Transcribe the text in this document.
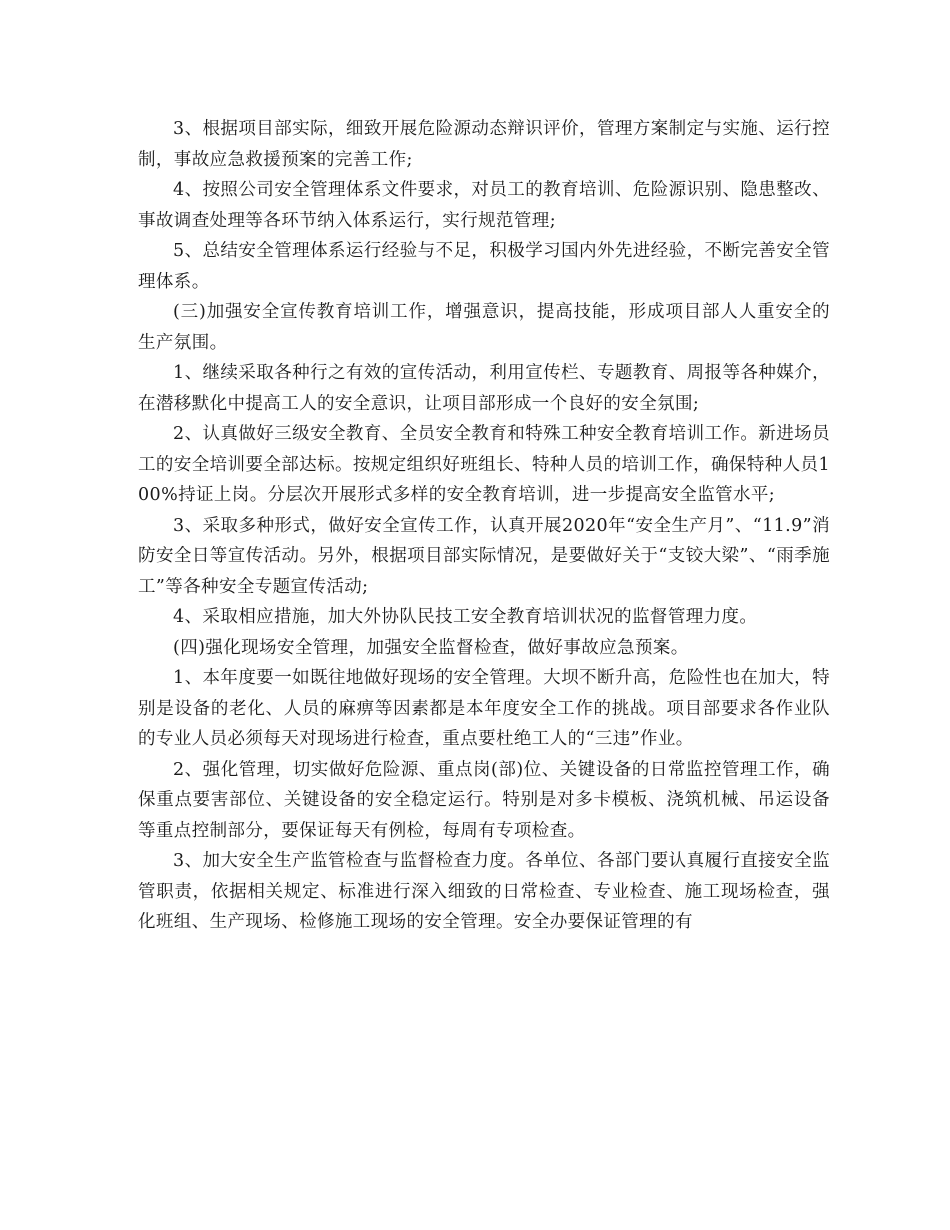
3、根据项目部实际，细致开展危险源动态辩识评价，管理方案制定与实施、运行控制，事故应急救援预案的完善工作;

4、按照公司安全管理体系文件要求，对员工的教育培训、危险源识别、隐患整改、事故调查处理等各环节纳入体系运行，实行规范管理;

5、总结安全管理体系运行经验与不足，积极学习国内外先进经验，不断完善安全管理体系。

(三)加强安全宣传教育培训工作，增强意识，提高技能，形成项目部人人重安全的生产氛围。

1、继续采取各种行之有效的宣传活动，利用宣传栏、专题教育、周报等各种媒介，在潜移默化中提高工人的安全意识，让项目部形成一个良好的安全氛围;

2、认真做好三级安全教育、全员安全教育和特殊工种安全教育培训工作。新进场员工的安全培训要全部达标。按规定组织好班组长、特种人员的培训工作，确保特种人员100%持证上岗。分层次开展形式多样的安全教育培训，进一步提高安全监管水平;

3、采取多种形式，做好安全宣传工作，认真开展2020年“安全生产月”、“11.9”消防安全日等宣传活动。另外，根据项目部实际情况，是要做好关于“支铰大梁”、“雨季施工”等各种安全专题宣传活动;

4、采取相应措施，加大外协队民技工安全教育培训状况的监督管理力度。

(四)强化现场安全管理，加强安全监督检查，做好事故应急预案。

1、本年度要一如既往地做好现场的安全管理。大坝不断升高，危险性也在加大，特别是设备的老化、人员的麻痹等因素都是本年度安全工作的挑战。项目部要求各作业队的专业人员必须每天对现场进行检查，重点要杜绝工人的“三违”作业。

2、强化管理，切实做好危险源、重点岗(部)位、关键设备的日常监控管理工作，确保重点要害部位、关键设备的安全稳定运行。特别是对多卡模板、浇筑机械、吊运设备等重点控制部分，要保证每天有例检，每周有专项检查。

3、加大安全生产监管检查与监督检查力度。各单位、各部门要认真履行直接安全监管职责，依据相关规定、标准进行深入细致的日常检查、专业检查、施工现场检查，强化班组、生产现场、检修施工现场的安全管理。安全办要保证管理的有
